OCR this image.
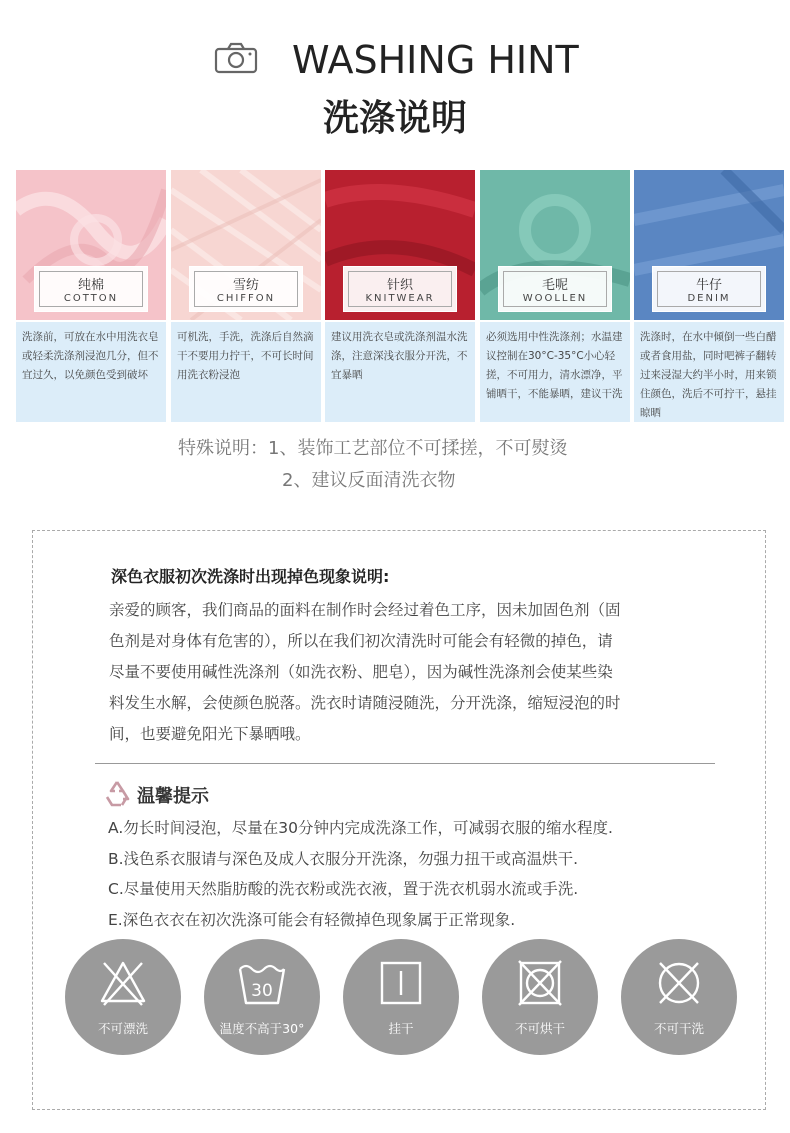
WASHING HINT
洗涤说明
纯棉
COTTON
洗涤前，可放在水中用洗衣皂或轻柔洗涤剂浸泡几分，但不宜过久，以免颜色受到破坏
雪纺
CHIFFON
可机洗，手洗，洗涤后自然滴干不要用力拧干，不可长时间用洗衣粉浸泡
针织
KNITWEAR
建议用洗衣皂或洗涤剂温水洗涤，注意深浅衣服分开洗，不宜暴晒
毛呢
WOOLLEN
必须选用中性洗涤剂；水温建议控制在30°C-35°C小心轻搓，不可用力，清水漂净，平铺晒干，不能暴晒，建议干洗
牛仔
DENIM
洗涤时，在水中倾倒一些白醋或者食用盐，同时吧裤子翻转过来浸湿大约半小时，用来锁住颜色，洗后不可拧干，悬挂晾晒
特殊说明：1、装饰工艺部位不可揉搓，不可熨烫
2、建议反面清洗衣物
深色衣服初次洗涤时出现掉色现象说明:
亲爱的顾客，我们商品的面料在制作时会经过着色工序，因未加固色剂（固
色剂是对身体有危害的），所以在我们初次清洗时可能会有轻微的掉色，请
尽量不要使用碱性洗涤剂（如洗衣粉、肥皂），因为碱性洗涤剂会使某些染
料发生水解，会使颜色脱落。洗衣时请随浸随洗，分开洗涤，缩短浸泡的时
间，也要避免阳光下暴晒哦。
温馨提示
A.勿长时间浸泡，尽量在30分钟内完成洗涤工作，可减弱衣服的缩水程度.
B.浅色系衣服请与深色及成人衣服分开洗涤，勿强力扭干或高温烘干.
C.尽量使用天然脂肪酸的洗衣粉或洗衣液，置于洗衣机弱水流或手洗.
E.深色衣衣在初次洗涤可能会有轻微掉色现象属于正常现象.
不可漂洗
30
温度不高于30°	挂干	不可烘干	不可干洗
